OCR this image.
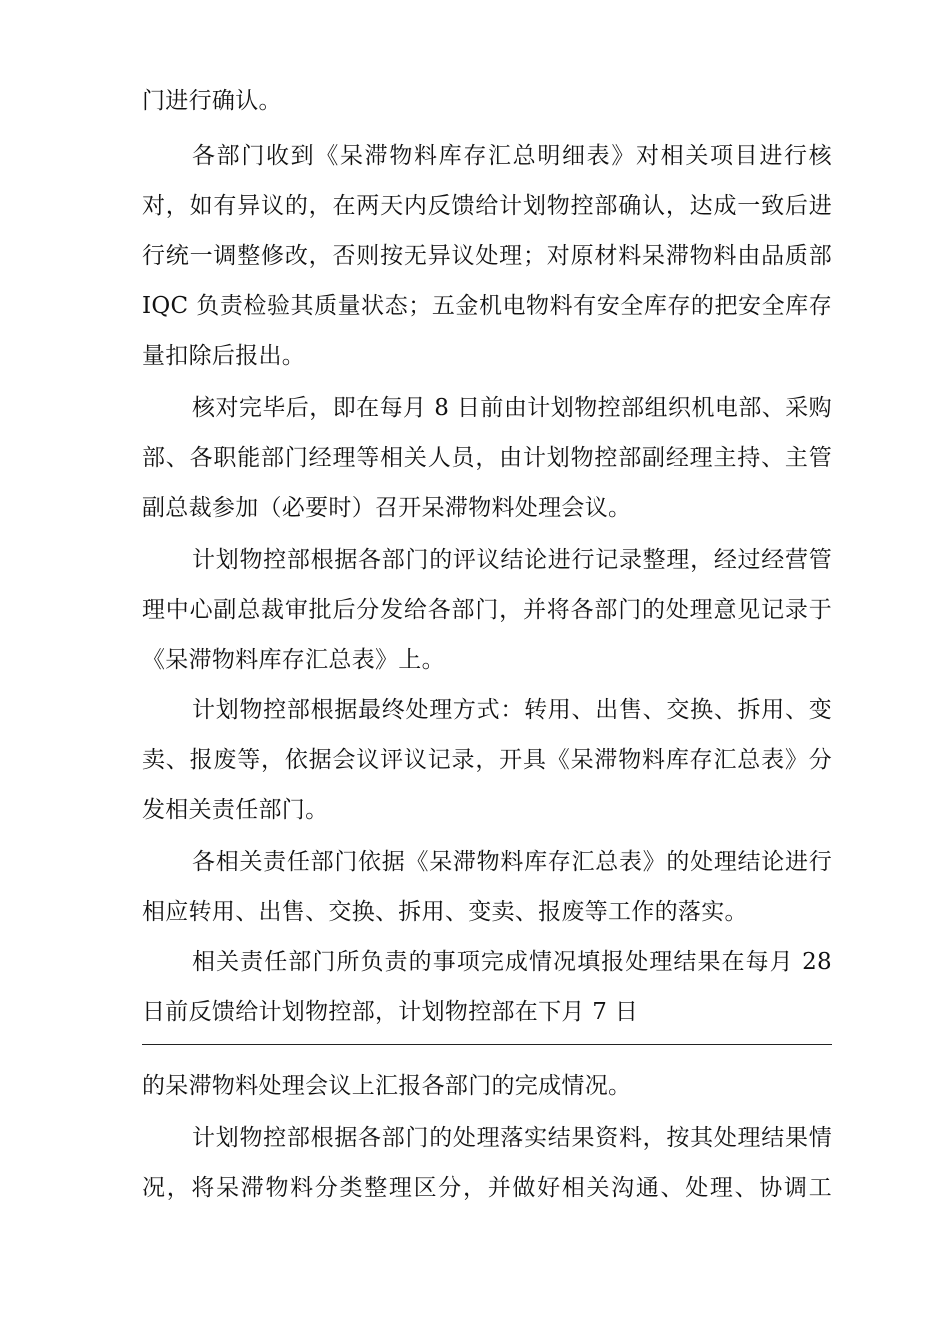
门进行确认。
各部门收到《呆滞物料库存汇总明细表》对相关项目进行核
对，如有异议的，在两天内反馈给计划物控部确认，达成一致后进
行统一调整修改，否则按无异议处理；对原材料呆滞物料由品质部
IQC 负责检验其质量状态；五金机电物料有安全库存的把安全库存
量扣除后报出。
核对完毕后，即在每月 8 日前由计划物控部组织机电部、采购
部、各职能部门经理等相关人员，由计划物控部副经理主持、主管
副总裁参加（必要时）召开呆滞物料处理会议。
计划物控部根据各部门的评议结论进行记录整理，经过经营管
理中心副总裁审批后分发给各部门，并将各部门的处理意见记录于
《呆滞物料库存汇总表》上。
计划物控部根据最终处理方式：转用、出售、交换、拆用、变
卖、报废等，依据会议评议记录，开具《呆滞物料库存汇总表》分
发相关责任部门。
各相关责任部门依据《呆滞物料库存汇总表》的处理结论进行
相应转用、出售、交换、拆用、变卖、报废等工作的落实。
相关责任部门所负责的事项完成情况填报处理结果在每月 28
日前反馈给计划物控部，计划物控部在下月 7 日
的呆滞物料处理会议上汇报各部门的完成情况。
计划物控部根据各部门的处理落实结果资料，按其处理结果情
况，将呆滞物料分类整理区分，并做好相关沟通、处理、协调工
